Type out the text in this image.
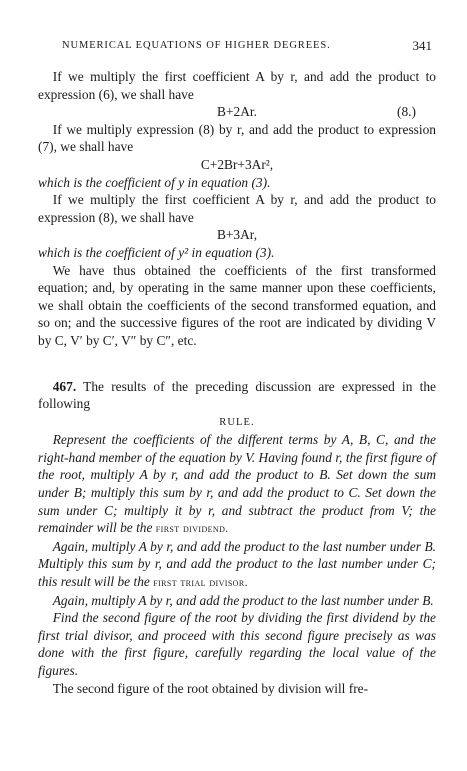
NUMERICAL EQUATIONS OF HIGHER DEGREES.	341

If we multiply the first coefficient A by r, and add the product to expression (6), we shall have

B+2Ar.	(8.)

If we multiply expression (8) by r, and add the product to expression (7), we shall have

C+2Br+3Ar²,

which is the coefficient of y in equation (3).

If we multiply the first coefficient A by r, and add the product to expression (8), we shall have

B+3Ar,

which is the coefficient of y² in equation (3).

We have thus obtained the coefficients of the first transformed equation; and, by operating in the same manner upon these coefficients, we shall obtain the coefficients of the second transformed equation, and so on; and the successive figures of the root are indicated by dividing V by C, V′ by C′, V″ by C″, etc.

467. The results of the preceding discussion are expressed in the following

RULE.

Represent the coefficients of the different terms by A, B, C, and the right-hand member of the equation by V. Having found r, the first figure of the root, multiply A by r, and add the product to B. Set down the sum under B; multiply this sum by r, and add the product to C. Set down the sum under C; multiply it by r, and subtract the product from V; the remainder will be the first dividend.

Again, multiply A by r, and add the product to the last number under B. Multiply this sum by r, and add the product to the last number under C; this result will be the first trial divisor.

Again, multiply A by r, and add the product to the last number under B.

Find the second figure of the root by dividing the first dividend by the first trial divisor, and proceed with this second figure precisely as was done with the first figure, carefully regarding the local value of the figures.

The second figure of the root obtained by division will fre-
